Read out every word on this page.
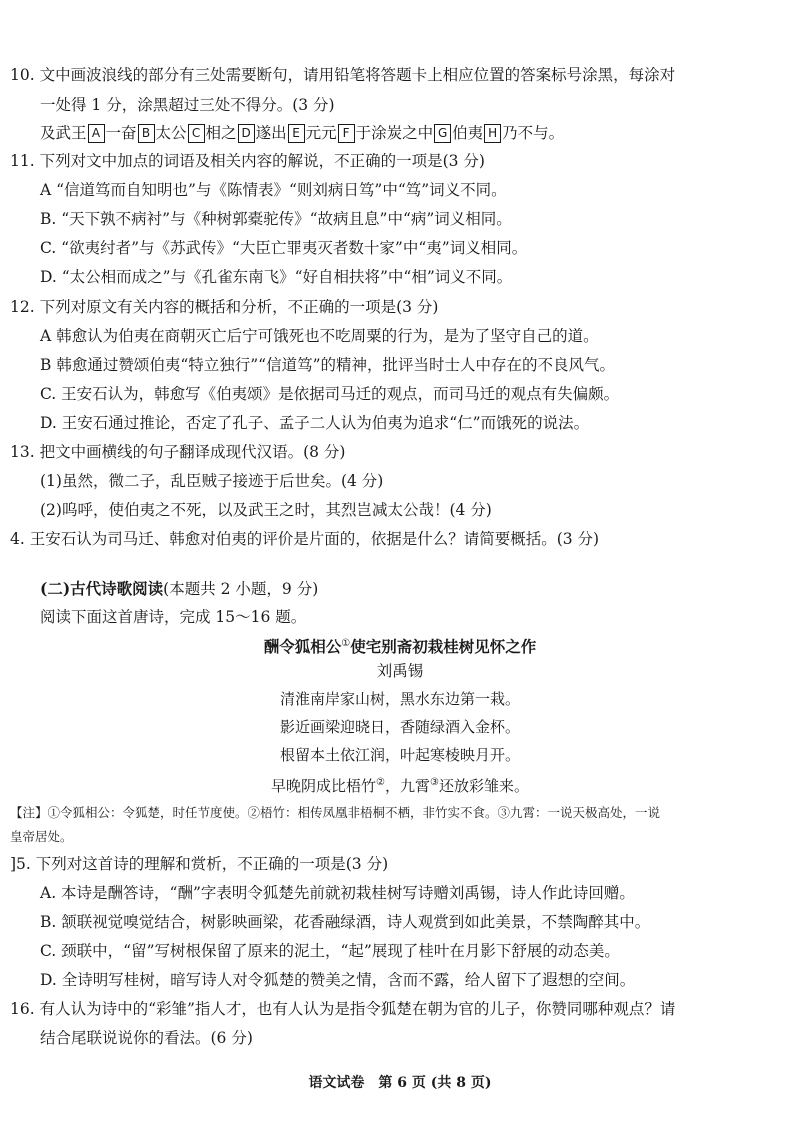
10. 文中画波浪线的部分有三处需要断句，请用铅笔将答题卡上相应位置的答案标号涂黑，每涂对
一处得 1 分，涂黑超过三处不得分。(3 分)
及武王 A 一奋 B 太公 C 相之 D 遂出 E 元元 F 于涂炭之中 G 伯夷 H 乃不与。
11. 下列对文中加点的词语及相关内容的解说，不正确的一项是(3 分)
A “信道笃而自知明也”与《陈情表》“则刘病日笃”中“笃”词义不同。
B. “天下孰不病衬”与《种树郭橐驼传》“故病且息”中“病”词义相同。
C. “欲夷纣者”与《苏武传》“大臣亡罪夷灭者数十家”中“夷”词义相同。
D. “太公相而成之”与《孔雀东南飞》“好自相扶将”中“相”词义不同。
12. 下列对原文有关内容的概括和分析，不正确的一项是(3 分)
A 韩愈认为伯夷在商朝灭亡后宁可饿死也不吃周粟的行为，是为了坚守自己的道。
B 韩愈通过赞颂伯夷“特立独行”“信道笃”的精神，批评当时士人中存在的不良风气。
C. 王安石认为，韩愈写《伯夷颂》是依据司马迁的观点，而司马迁的观点有失偏颇。
D. 王安石通过推论，否定了孔子、孟子二人认为伯夷为追求“仁”而饿死的说法。
13. 把文中画横线的句子翻译成现代汉语。(8 分)
(1)虽然，微二子，乱臣贼子接迹于后世矣。(4 分)
(2)呜呼，使伯夷之不死，以及武王之时，其烈岂减太公哉！(4 分)
4. 王安石认为司马迁、韩愈对伯夷的评价是片面的，依据是什么？请简要概括。(3 分)
(二)古代诗歌阅读(本题共 2 小题，9 分)
阅读下面这首唐诗，完成 15～16 题。
酬令狐相公①使宅别斋初栽桂树见怀之作
刘禹锡
清淮南岸家山树，黑水东边第一栽。
影近画梁迎晓日，香随绿酒入金杯。
根留本土依江润，叶起寒棱映月开。
早晚阴成比梧竹②，九霄③还放彩雏来。
【注】①令狐相公：令狐楚，时任节度使。②梧竹：相传凤凰非梧桐不栖，非竹实不食。③九霄：一说天极高处，一说
皇帝居处。
]5. 下列对这首诗的理解和赏析，不正确的一项是(3 分)
A. 本诗是酬答诗，“酬”字表明令狐楚先前就初栽桂树写诗赠刘禹锡，诗人作此诗回赠。
B. 颔联视觉嗅觉结合，树影映画梁，花香融绿酒，诗人观赏到如此美景，不禁陶醉其中。
C. 颈联中，“留”写树根保留了原来的泥土，“起”展现了桂叶在月影下舒展的动态美。
D. 全诗明写桂树，暗写诗人对令狐楚的赞美之情，含而不露，给人留下了遐想的空间。
16. 有人认为诗中的“彩雏”指人才，也有人认为是指令狐楚在朝为官的儿子，你赞同哪种观点？请
结合尾联说说你的看法。(6 分)
语文试卷　第 6 页 (共 8 页)
